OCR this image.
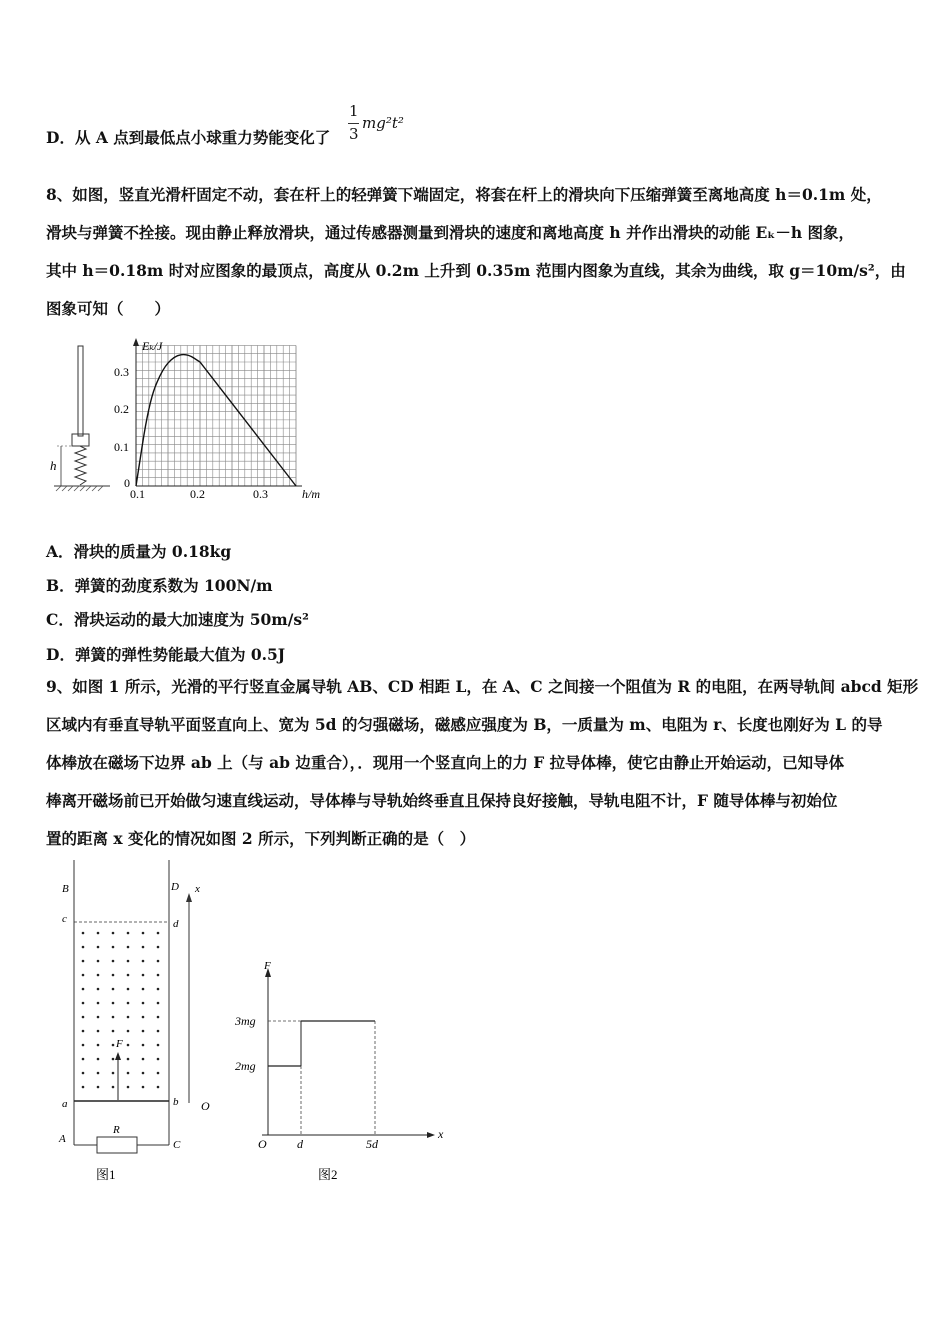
D．从 A 点到最低点小球重力势能变化了
1
3
mg²t²
8、如图，竖直光滑杆固定不动，套在杆上的轻弹簧下端固定，将套在杆上的滑块向下压缩弹簧至离地高度 h＝0.1m 处，
滑块与弹簧不拴接。现由静止释放滑块，通过传感器测量到滑块的速度和离地高度 h 并作出滑块的动能 Eₖ－h 图象，
其中 h＝0.18m 时对应图象的最顶点，高度从 0.2m 上升到 0.35m 范围内图象为直线，其余为曲线，取 g＝10m/s²，由
图象可知（　　）
h
Eₖ/J
h/m
0.3
0.2
0.1
0
0.1	0.2	0.3
A．滑块的质量为 0.18kg
B．弹簧的劲度系数为 100N/m
C．滑块运动的最大加速度为 50m/s²
D．弹簧的弹性势能最大值为 0.5J
9、如图 1 所示，光滑的平行竖直金属导轨 AB、CD 相距 L，在 A、C 之间接一个阻值为 R 的电阻，在两导轨间 abcd 矩形
区域内有垂直导轨平面竖直向上、宽为 5d 的匀强磁场，磁感应强度为 B，一质量为 m、电阻为 r、长度也刚好为 L 的导
体棒放在磁场下边界 ab 上（与 ab 边重合），．现用一个竖直向上的力 F 拉导体棒，使它由静止开始运动，已知导体
棒离开磁场前已开始做匀速直线运动，导体棒与导轨始终垂直且保持良好接触，导轨电阻不计，F 随导体棒与初始位
置的距离 x 变化的情况如图 2 所示，下列判断正确的是（　）
F
R
x
O
B	D
c	d
a	b
A	C
图1
F
3mg
2mg
O	d	5d
x
图2
